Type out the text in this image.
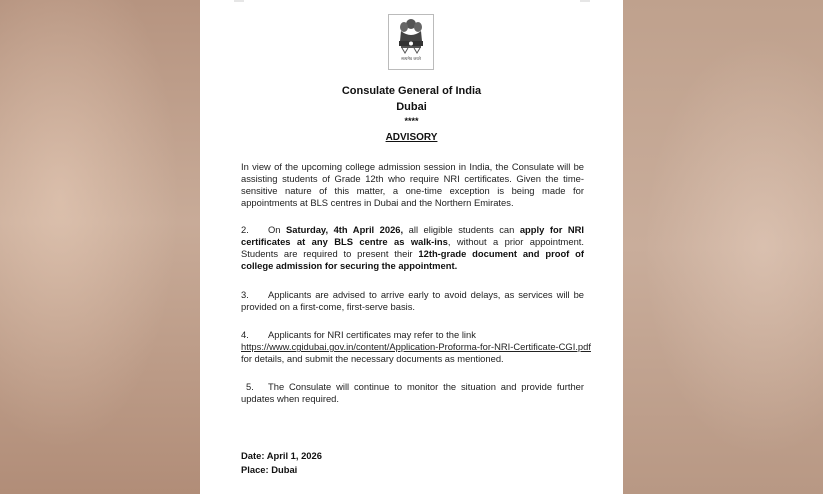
सत्यमेव जयते
Consulate General of India
Dubai
****
ADVISORY
In view of the upcoming college admission session in India, the Consulate will be assisting students of Grade 12th who require NRI certificates. Given the time-sensitive nature of this matter, a one-time exception is being made for appointments at BLS centres in Dubai and the Northern Emirates.
2. On Saturday, 4th April 2026, all eligible students can apply for NRI certificates at any BLS centre as walk-ins, without a prior appointment. Students are required to present their 12th-grade document and proof of college admission for securing the appointment.
3. Applicants are advised to arrive early to avoid delays, as services will be provided on a first-come, first-serve basis.
4. Applicants for NRI certificates may refer to the link
https://www.cgidubai.gov.in/content/Application-Proforma-for-NRI-Certificate-CGI.pdf
for details, and submit the necessary documents as mentioned.
5. The Consulate will continue to monitor the situation and provide further updates when required.
Date: April 1, 2026
Place: Dubai
